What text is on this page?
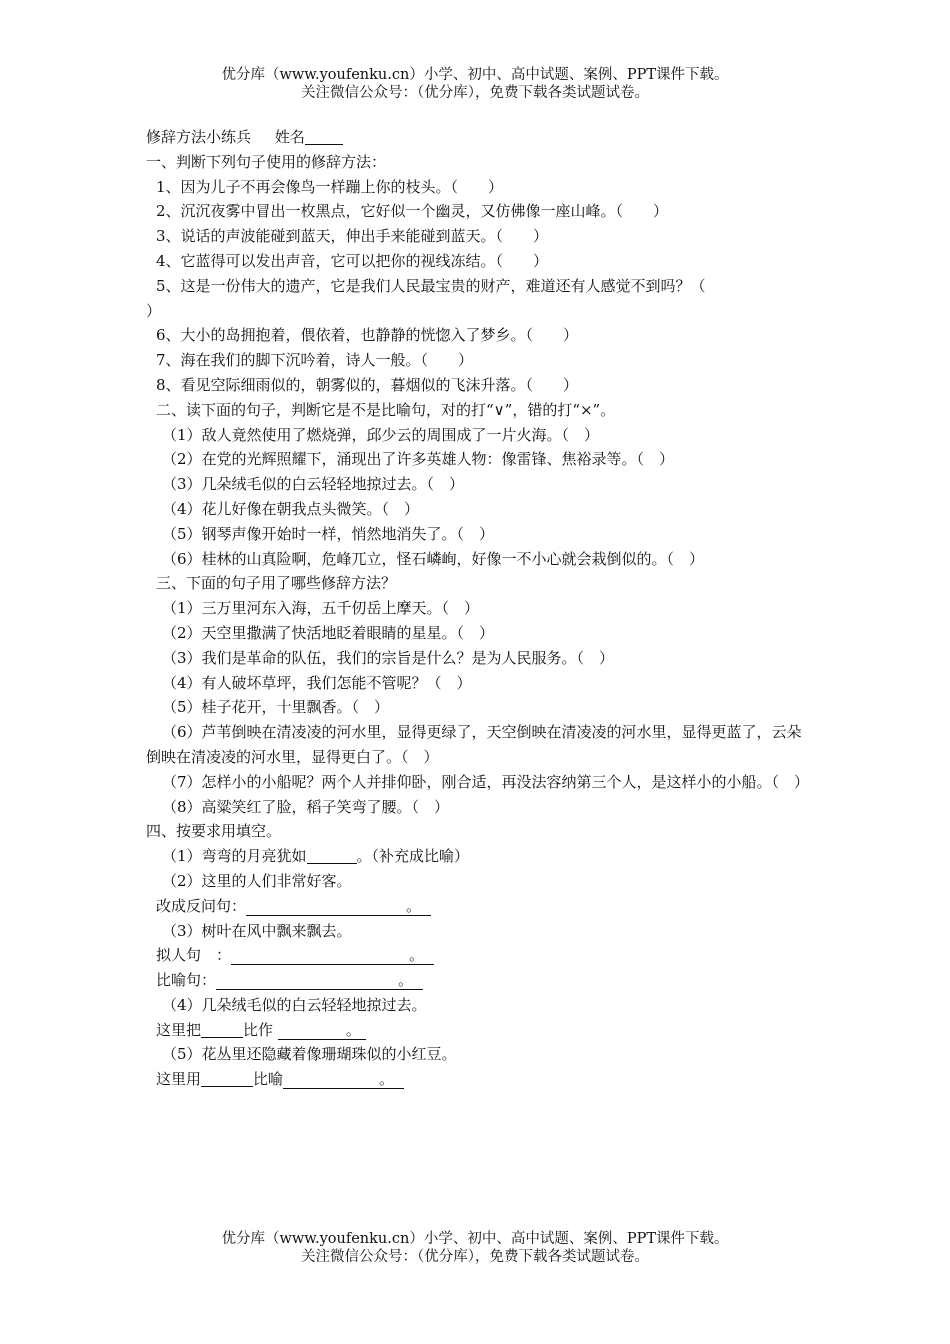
优分库（www.youfenku.cn）小学、初中、高中试题、案例、PPT课件下载。
关注微信公众号：（优分库），免费下载各类试题试卷。
修辞方法小练兵 姓名
一、判断下列句子使用的修辞方法：
1、因为儿子不再会像鸟一样蹦上你的枝头。（　　）
2、沉沉夜雾中冒出一枚黑点，它好似一个幽灵，又仿佛像一座山峰。（　　）
3、说话的声波能碰到蓝天，伸出手来能碰到蓝天。（　　）
4、它蓝得可以发出声音，它可以把你的视线冻结。（　　）
5、这是一份伟大的遗产，它是我们人民最宝贵的财产，难道还有人感觉不到吗？（
）
6、大小的岛拥抱着，偎依着，也静静的恍惚入了梦乡。（　　）
7、海在我们的脚下沉吟着，诗人一般。（　　）
8、看见空际细雨似的，朝雾似的，暮烟似的飞沫升落。（　　）
二、读下面的句子，判断它是不是比喻句，对的打“∨”，错的打“×”。
（1）敌人竟然使用了燃烧弹，邱少云的周围成了一片火海。（　）
（2）在党的光辉照耀下，涌现出了许多英雄人物：像雷锋、焦裕录等。（　）
（3）几朵绒毛似的白云轻轻地掠过去。（　）
（4）花儿好像在朝我点头微笑。（　）
（5）钢琴声像开始时一样，悄然地消失了。（　）
（6）桂林的山真险啊，危峰兀立，怪石嶙峋，好像一不小心就会栽倒似的。（　）
三、下面的句子用了哪些修辞方法？
（1）三万里河东入海，五千仞岳上摩天。（　）
（2）天空里撒满了快活地眨着眼睛的星星。（　）
（3）我们是革命的队伍，我们的宗旨是什么？是为人民服务。（　）
（4）有人破坏草坪，我们怎能不管呢？（　）
（5）桂子花开，十里飘香。（　）
（6）芦苇倒映在清凌凌的河水里，显得更绿了，天空倒映在清凌凌的河水里，显得更蓝了，云朵倒映在清凌凌的河水里，显得更白了。（　）
（7）怎样小的小船呢？两个人并排仰卧，刚合适，再没法容纳第三个人，是这样小的小船。（　）
（8）高粱笑红了脸，稻子笑弯了腰。（　）
四、按要求用填空。
（1）弯弯的月亮犹如	。（补充成比喻）
（2）这里的人们非常好客。
改成反问句：	。
（3）树叶在风中飘来飘去。
拟人句　：	。
比喻句：	。
（4）几朵绒毛似的白云轻轻地掠过去。
这里把	比作	。
（5）花丛里还隐藏着像珊瑚珠似的小红豆。
这里用	比喻	。
优分库（www.youfenku.cn）小学、初中、高中试题、案例、PPT课件下载。
关注微信公众号：（优分库），免费下载各类试题试卷。
